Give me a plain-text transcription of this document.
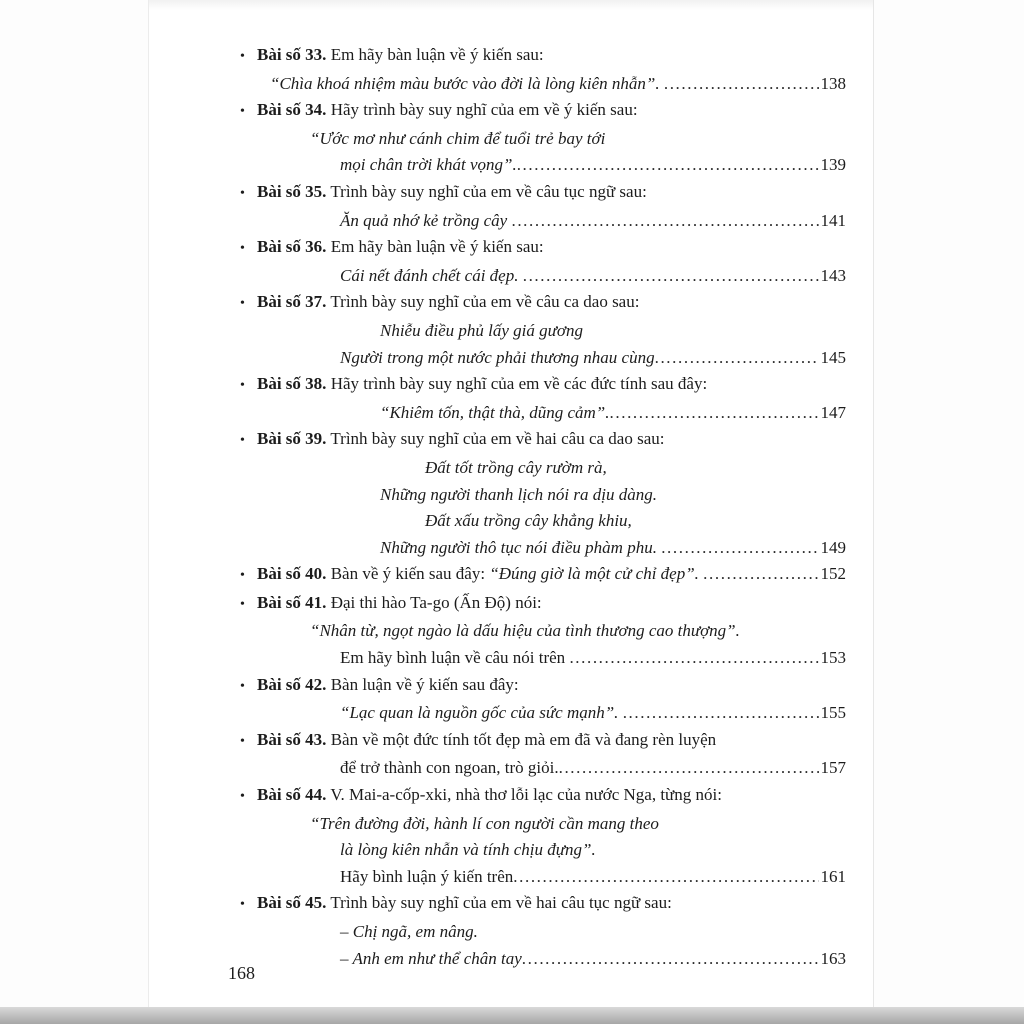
• Bài số 33. Em hãy bàn luận về ý kiến sau:
“Chìa khoá nhiệm màu bước vào đời là lòng kiên nhẫn”. .....	138
• Bài số 34. Hãy trình bày suy nghĩ của em về ý kiến sau:
“Ước mơ như cánh chim để tuổi trẻ bay tới
mọi chân trời khát vọng”. .....	139
• Bài số 35. Trình bày suy nghĩ của em về câu tục ngữ sau:
Ăn quả nhớ kẻ trồng cây .....	141
• Bài số 36. Em hãy bàn luận về ý kiến sau:
Cái nết đánh chết cái đẹp. .....	143
• Bài số 37. Trình bày suy nghĩ của em về câu ca dao sau:
Nhiễu điều phủ lấy giá gương
Người trong một nước phải thương nhau cùng .....	145
• Bài số 38. Hãy trình bày suy nghĩ của em về các đức tính sau đây:
“Khiêm tốn, thật thà, dũng cảm”. .....	147
• Bài số 39. Trình bày suy nghĩ của em về hai câu ca dao sau:
Đất tốt trồng cây rườm rà,
Những người thanh lịch nói ra dịu dàng.
Đất xấu trồng cây khẳng khiu,
Những người thô tục nói điều phàm phu. .....	149
• Bài số 40. Bàn về ý kiến sau đây: “Đúng giờ là một cử chỉ đẹp”. .....	152
• Bài số 41. Đại thi hào Ta-go (Ấn Độ) nói:
“Nhân từ, ngọt ngào là dấu hiệu của tình thương cao thượng”.
Em hãy bình luận về câu nói trên .....	153
• Bài số 42. Bàn luận về ý kiến sau đây:
“Lạc quan là nguồn gốc của sức mạnh”. .....	155
• Bài số 43. Bàn về một đức tính tốt đẹp mà em đã và đang rèn luyện
để trở thành con ngoan, trò giỏi. .....	157
• Bài số 44. V. Mai-a-cốp-xki, nhà thơ lỗi lạc của nước Nga, từng nói:
“Trên đường đời, hành lí con người cần mang theo
là lòng kiên nhẫn và tính chịu đựng”.
Hãy bình luận ý kiến trên .....	161
• Bài số 45. Trình bày suy nghĩ của em về hai câu tục ngữ sau:
– Chị ngã, em nâng.
– Anh em như thể chân tay .....	163
168
